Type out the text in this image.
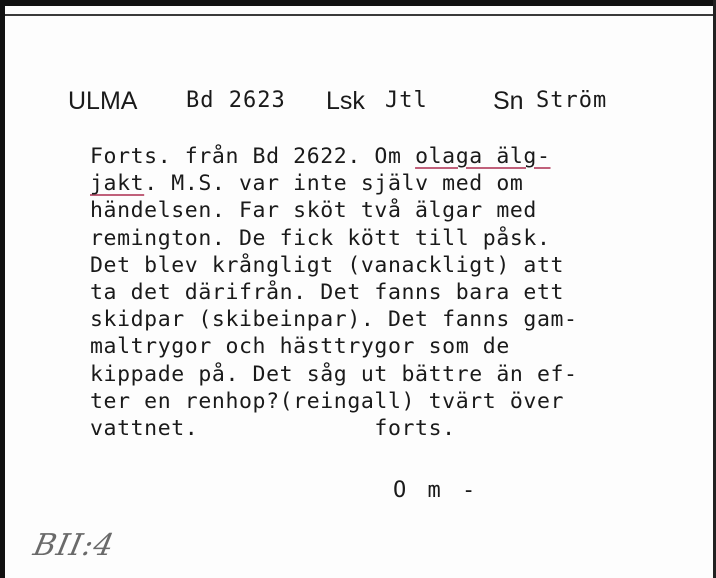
ULMA Bd 2623 Lsk Jtl	Sn Ström
Forts. från Bd 2622. Om olaga älg-
jakt. M.S. var inte själv med om
händelsen. Far sköt två älgar med
remington. De fick kött till påsk.
Det blev krångligt (vanackligt) att
ta det därifrån. Det fanns bara ett
skidpar (skibeinpar). Det fanns gam-
maltrygor och hästtrygor som de
kippade på. Det såg ut bättre än ef-
ter en renhop?(reingall) tvärt över
vattnet.             forts.
O m -
BII:4
